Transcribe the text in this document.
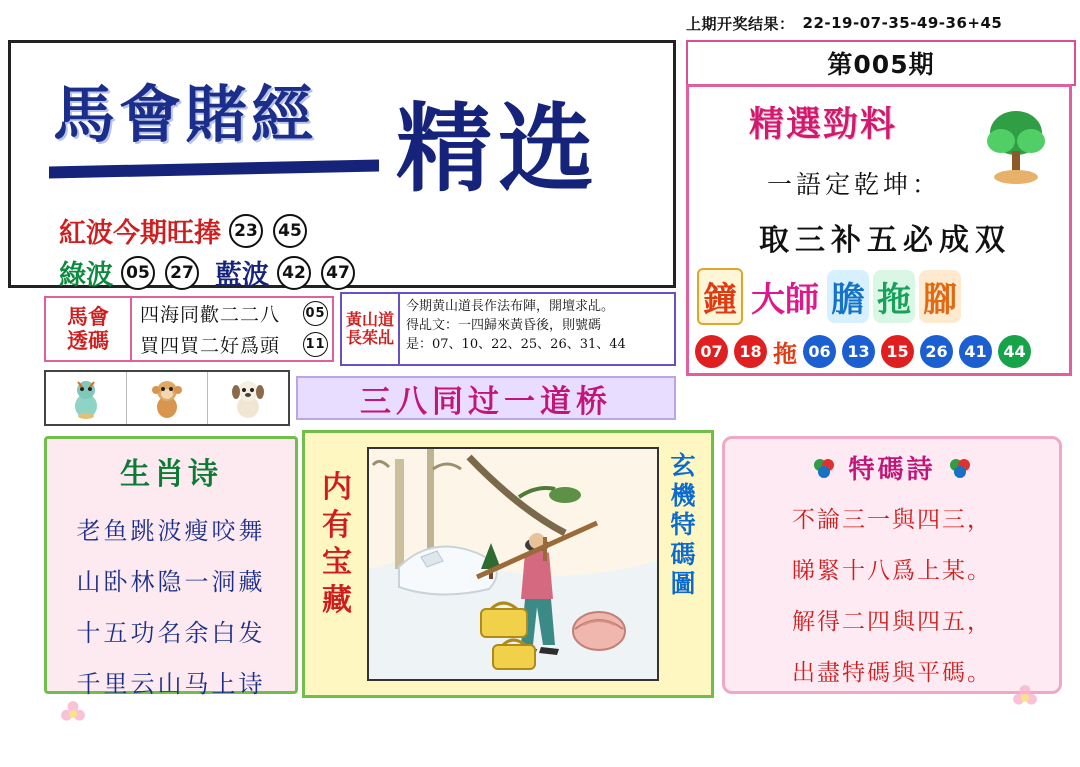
上期开奖结果： 22-19-07-35-49-36+45
第005期
馬會賭經 精选
紅波今期旺捧 23	45
綠波 05	27 藍波 42	47
精選勁料
一語定乾坤：
取三补五必成双
鐘 大師 膽 拖 腳
07	18 拖 06	13	15	26	41	44
馬會
透碼
四海同歡二二八 05
買四買二好爲頭 11
黃山道長茱乩
今期黄山道長作法布陣，開壇求乩。
得乩文：一四歸來黃昏後，則號碼
是：07、10、22、25、26、31、44
三八同过一道桥
生肖诗
老鱼跳波瘦咬舞
山卧林隐一洞藏
十五功名余白发
千里云山马上诗
内有宝藏
玄機特碼圖
特碼詩
不論三一與四三，
睇緊十八爲上某。
解得二四與四五，
出盡特碼與平碼。
